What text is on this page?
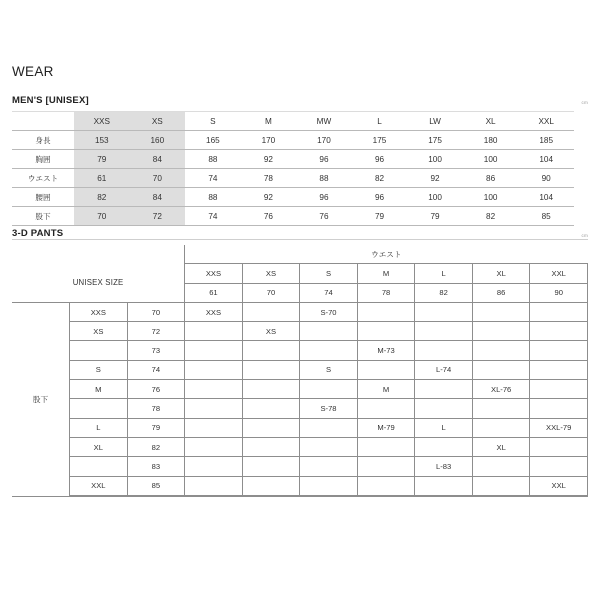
WEAR
MEN'S [UNISEX]	cm
	XXS	XS	S	M	MW	L	LW	XL	XXL	
身長	153	160	165	170	170	175	175	180	185	
胸囲	79	84	88	92	96	96	100	100	104	
ウエスト	61	70	74	78	88	82	92	86	90	
腰囲	82	84	88	92	96	96	100	100	104	
股下	70	72	74	76	76	79	79	82	85	
3-D PANTS	cm
			ウエスト						
UNISEX SIZE			XXS	XS	S	M	L	XL	XXL
			61	70	74	78	82	86	90
股下	XXS	70	XXS		S-70				
	XS	72		XS					
		73				M-73			
	S	74			S		L-74		
	M	76				M		XL-76	
		78			S-78				
	L	79				M-79	L		XXL-79
	XL	82						XL	
		83					L-83		
	XXL	85							XXL
